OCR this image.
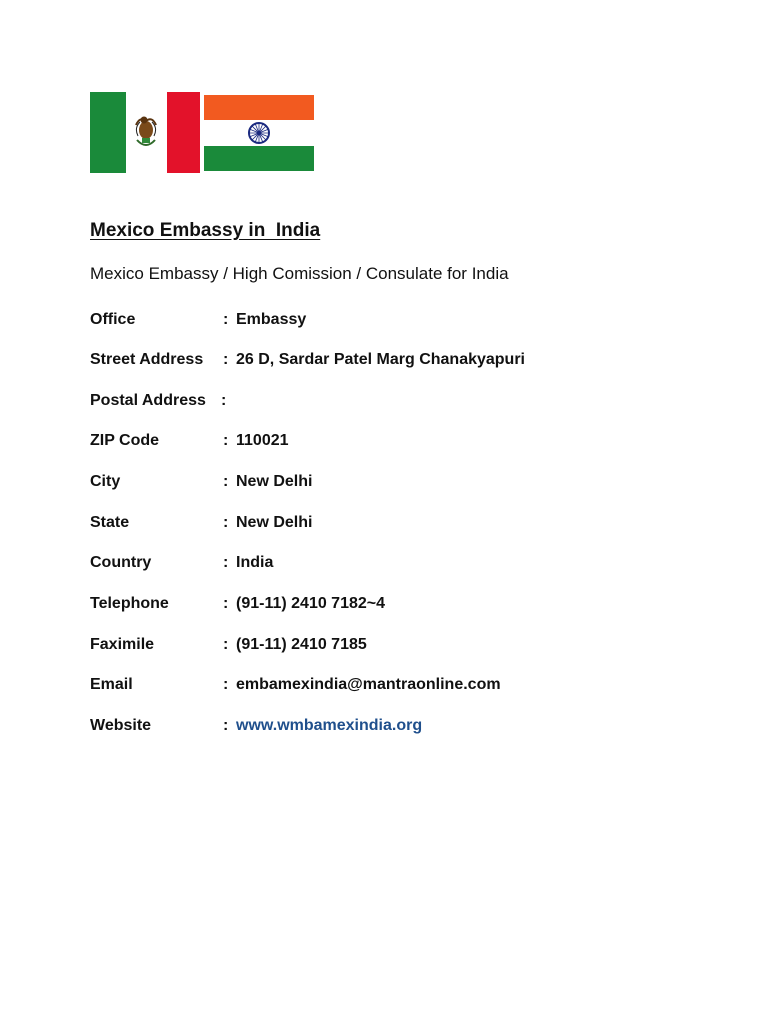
Mexico Embassy in  India

Mexico Embassy / High Comission / Consulate for India

Office	: Embassy
Street Address : 26 D, Sardar Patel Marg Chanakyapuri
Postal Address :
ZIP Code	: 110021
City	: New Delhi
State	: New Delhi
Country	: India
Telephone	: (91-11) 2410 7182~4
Faximile	: (91-11) 2410 7185
Email	: embamexindia@mantraonline.com
Website	: www.wmbamexindia.org
